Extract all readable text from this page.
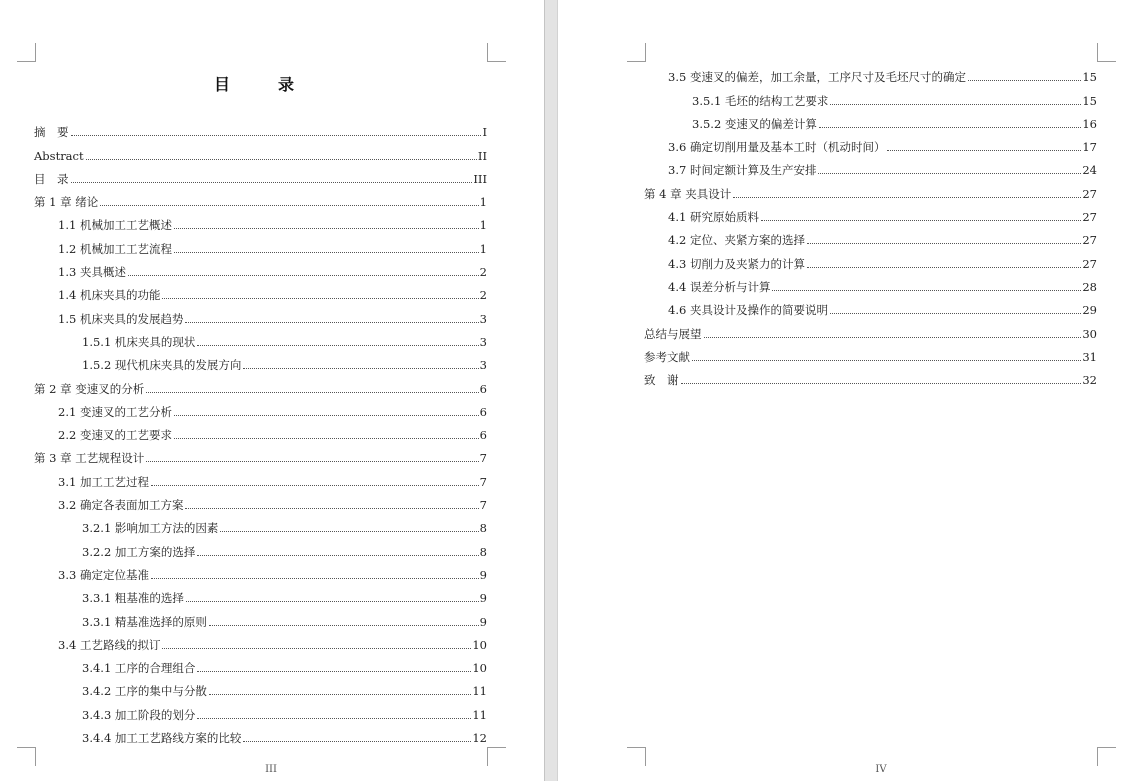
目　录
摘　要	I
Abstract	II
目　录	III
第 1 章 绪论	1
1.1 机械加工工艺概述	1
1.2 机械加工工艺流程	1
1.3 夹具概述	2
1.4 机床夹具的功能	2
1.5 机床夹具的发展趋势	3
1.5.1 机床夹具的现状	3
1.5.2 现代机床夹具的发展方向	3
第 2 章 变速叉的分析	6
2.1 变速叉的工艺分析	6
2.2 变速叉的工艺要求	6
第 3 章 工艺规程设计	7
3.1 加工工艺过程	7
3.2 确定各表面加工方案	7
3.2.1 影响加工方法的因素	8
3.2.2 加工方案的选择	8
3.3 确定定位基准	9
3.3.1 粗基准的选择	9
3.3.1 精基准选择的原则	9
3.4 工艺路线的拟订	10
3.4.1 工序的合理组合	10
3.4.2 工序的集中与分散	11
3.4.3 加工阶段的划分	11
3.4.4 加工工艺路线方案的比较	12
III
3.5 变速叉的偏差，加工余量，工序尺寸及毛坯尺寸的确定	15
3.5.1 毛坯的结构工艺要求	15
3.5.2 变速叉的偏差计算	16
3.6 确定切削用量及基本工时（机动时间）	17
3.7 时间定额计算及生产安排	24
第 4 章 夹具设计	27
4.1 研究原始质料	27
4.2 定位、夹紧方案的选择	27
4.3 切削力及夹紧力的计算	27
4.4 误差分析与计算	28
4.6 夹具设计及操作的简要说明	29
总结与展望	30
参考文献	31
致　谢	32
IV
